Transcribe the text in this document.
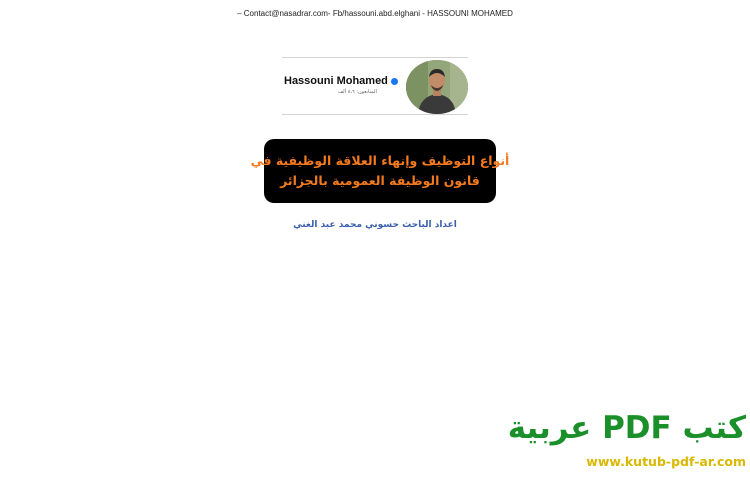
– Contact@nasadrar.com- Fb/hassouni.abd.elghani - HASSOUNI MOHAMED
Hassouni Mohamed
المتابعون: ٨،٦ ألف
أنواع التوظيف وإنهاء العلاقة الوظيفية في
قانون الوظيفة العمومية بالجزائر
اعداد الباحث حسوني محمد عبد الغني
كتب PDF عربية
www.kutub-pdf-ar.com
